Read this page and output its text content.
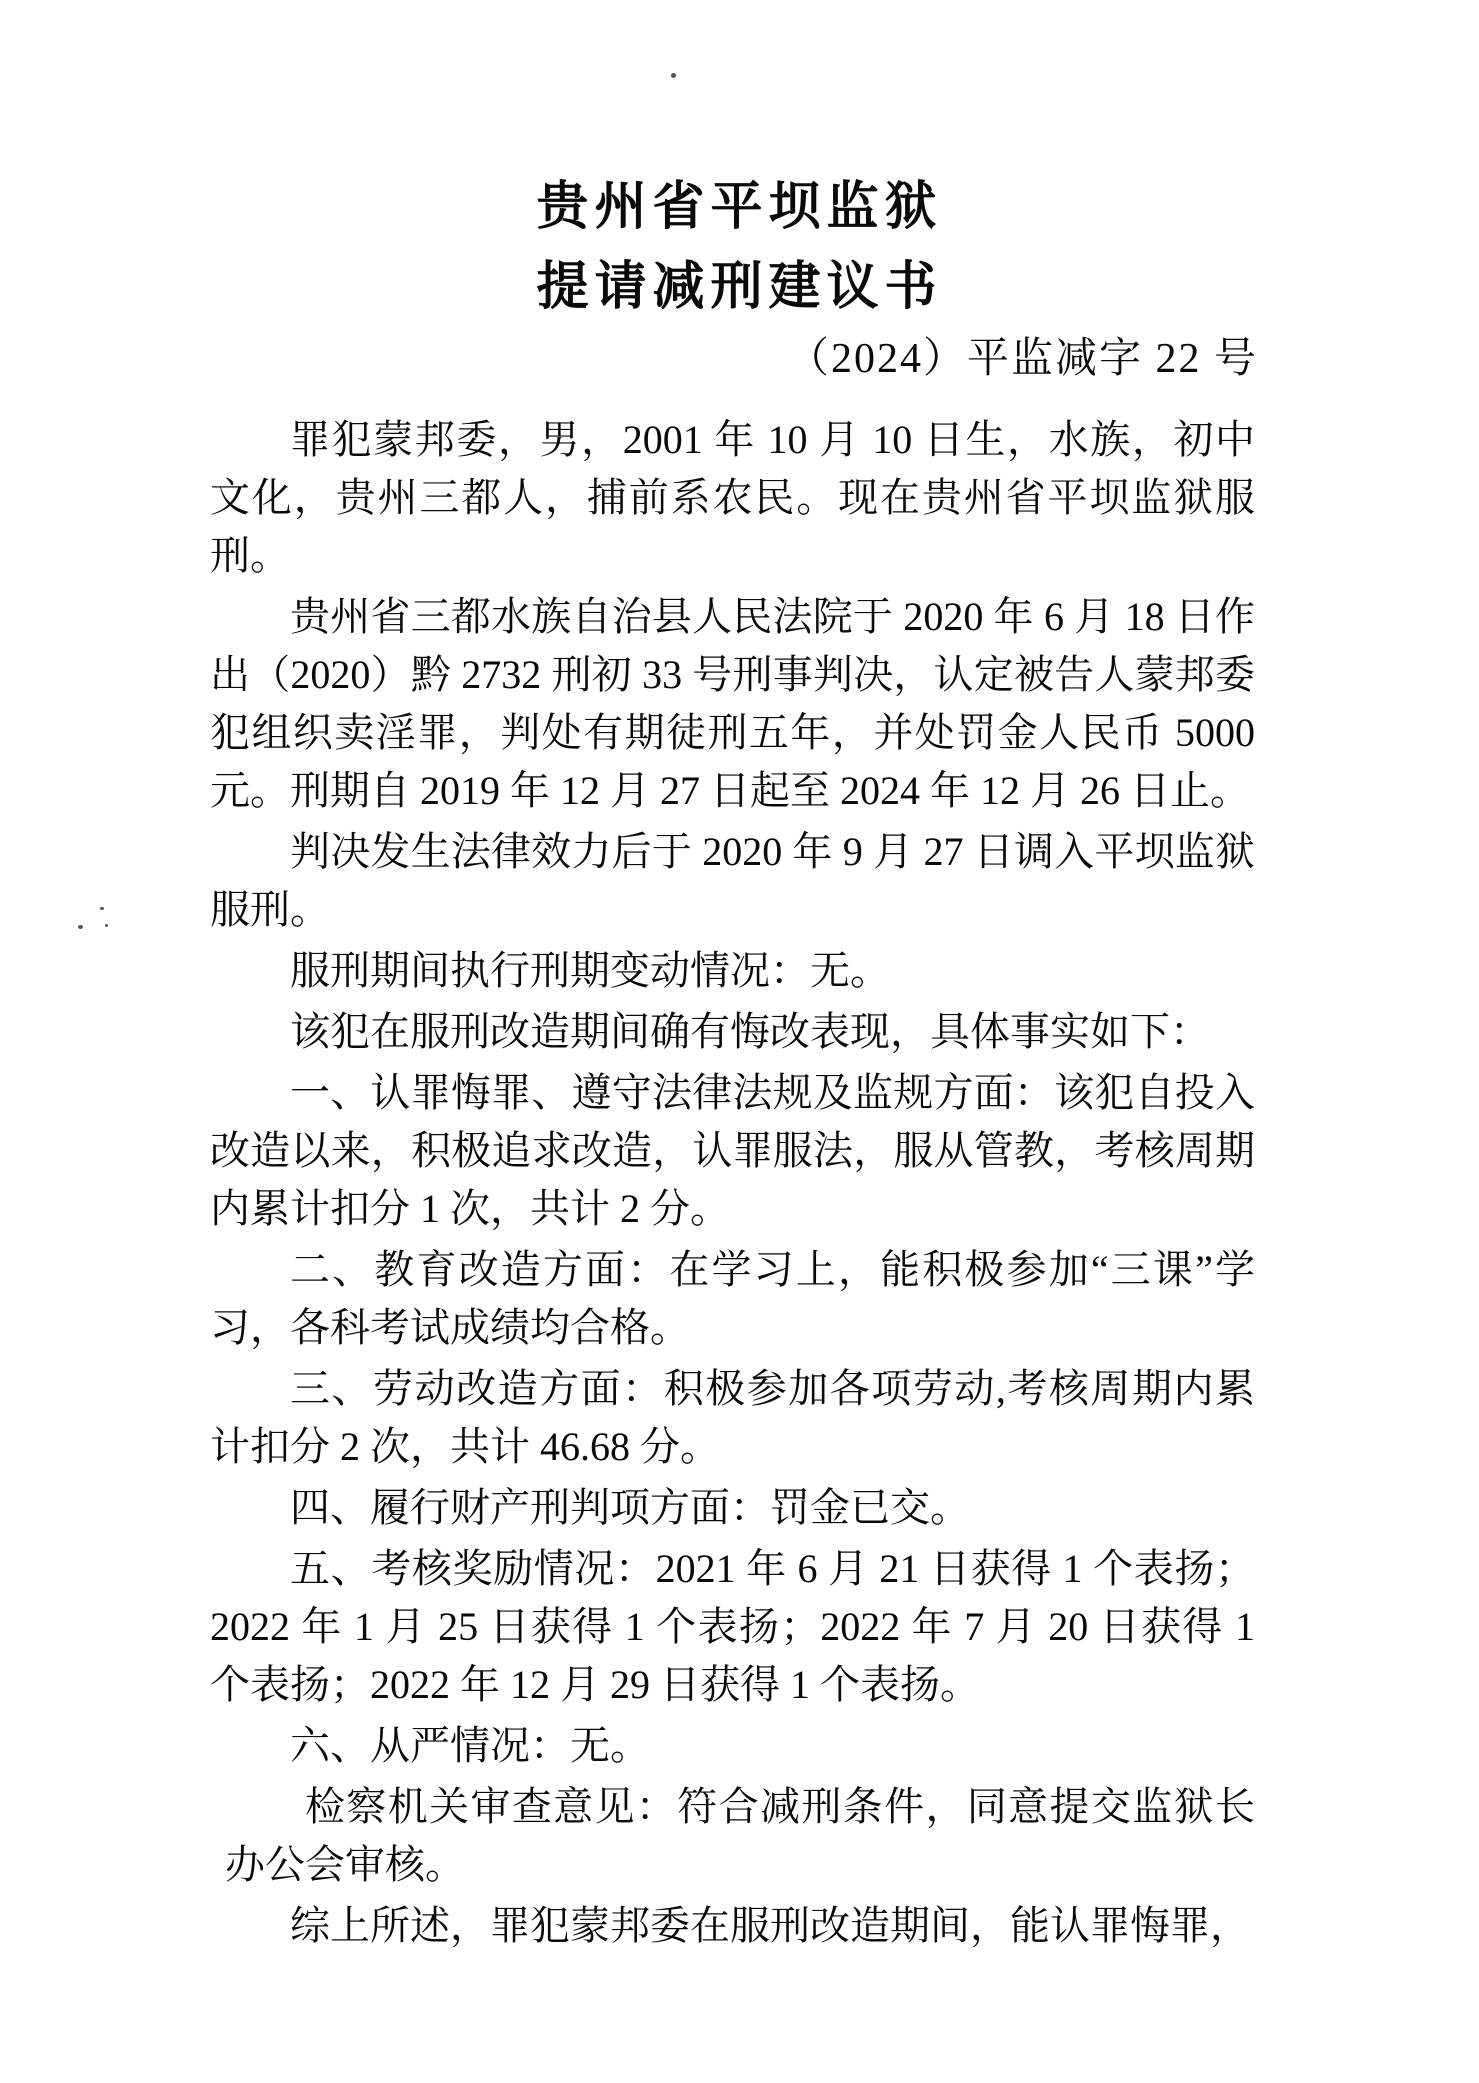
贵州省平坝监狱
提请减刑建议书
（2024）平监减字 22 号

罪犯蒙邦委，男，2001 年 10 月 10 日生，水族，初中文化，贵州三都人，捕前系农民。现在贵州省平坝监狱服刑。

贵州省三都水族自治县人民法院于 2020 年 6 月 18 日作出（2020）黔 2732 刑初 33 号刑事判决，认定被告人蒙邦委犯组织卖淫罪，判处有期徒刑五年，并处罚金人民币 5000 元。刑期自 2019 年 12 月 27 日起至 2024 年 12 月 26 日止。

判决发生法律效力后于 2020 年 9 月 27 日调入平坝监狱服刑。

服刑期间执行刑期变动情况：无。

该犯在服刑改造期间确有悔改表现，具体事实如下：

一、认罪悔罪、遵守法律法规及监规方面：该犯自投入改造以来，积极追求改造，认罪服法，服从管教，考核周期内累计扣分 1 次，共计 2 分。

二、教育改造方面：在学习上，能积极参加“三课”学习，各科考试成绩均合格。

三、劳动改造方面：积极参加各项劳动,考核周期内累计扣分 2 次，共计 46.68 分。

四、履行财产刑判项方面：罚金已交。

五、考核奖励情况：2021 年 6 月 21 日获得 1 个表扬；2022 年 1 月 25 日获得 1 个表扬；2022 年 7 月 20 日获得 1 个表扬；2022 年 12 月 29 日获得 1 个表扬。

六、从严情况：无。

检察机关审查意见：符合减刑条件，同意提交监狱长办公会审核。

综上所述，罪犯蒙邦委在服刑改造期间，能认罪悔罪，
